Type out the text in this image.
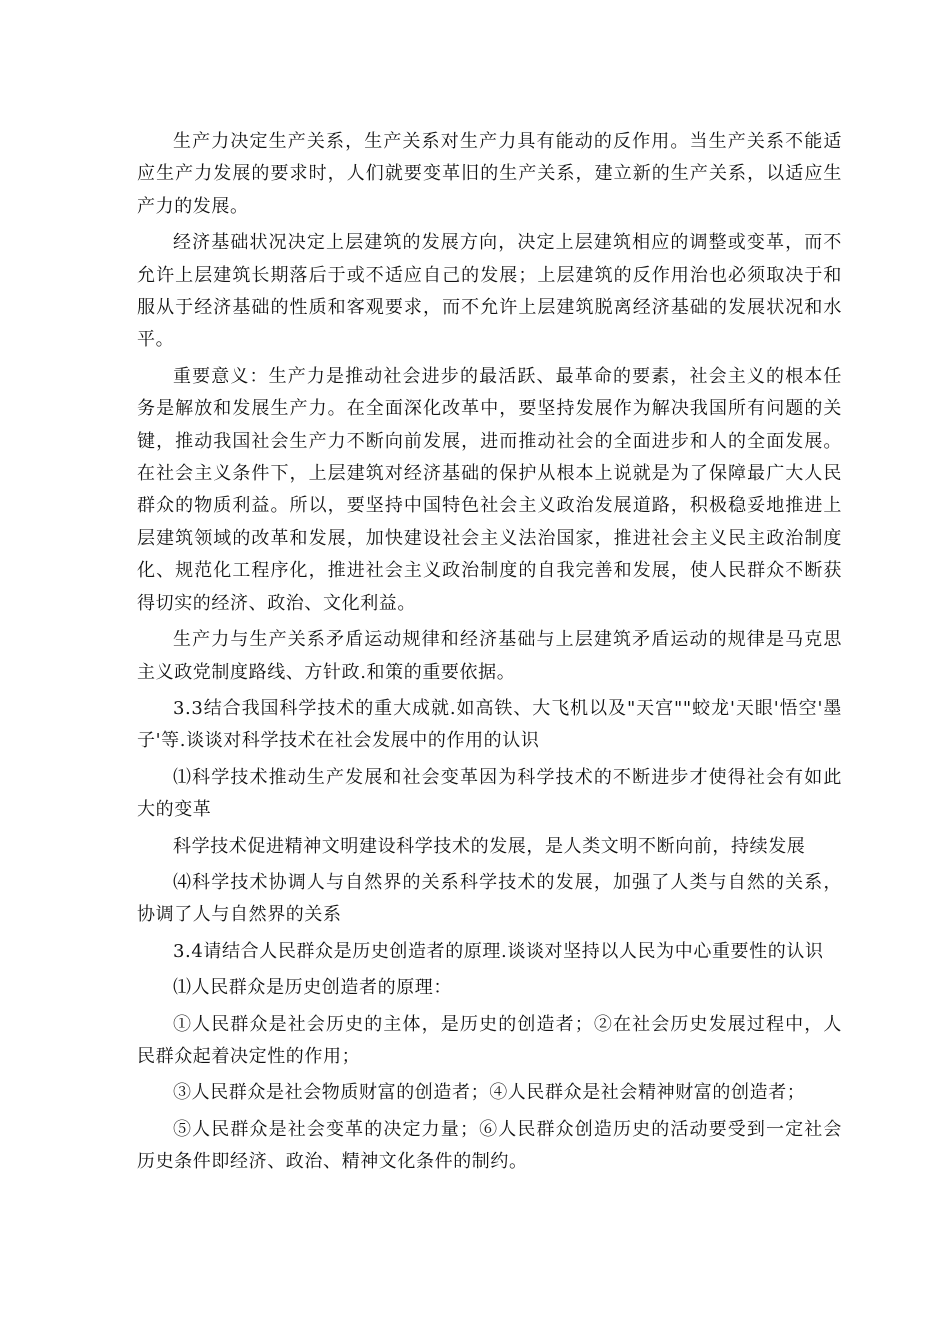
生产力决定生产关系，生产关系对生产力具有能动的反作用。当生产关系不能适应生产力发展的要求时，人们就要变革旧的生产关系，建立新的生产关系，以适应生产力的发展。

经济基础状况决定上层建筑的发展方向，决定上层建筑相应的调整或变革，而不允许上层建筑长期落后于或不适应自己的发展；上层建筑的反作用治也必须取决于和服从于经济基础的性质和客观要求，而不允许上层建筑脱离经济基础的发展状况和水平。

重要意义：生产力是推动社会进步的最活跃、最革命的要素，社会主义的根本任务是解放和发展生产力。在全面深化改革中，要坚持发展作为解决我国所有问题的关键，推动我国社会生产力不断向前发展，进而推动社会的全面进步和人的全面发展。在社会主义条件下，上层建筑对经济基础的保护从根本上说就是为了保障最广大人民群众的物质利益。所以，要坚持中国特色社会主义政治发展道路，积极稳妥地推进上层建筑领域的改革和发展，加快建设社会主义法治国家，推进社会主义民主政治制度化、规范化工程序化，推进社会主义政治制度的自我完善和发展，使人民群众不断获得切实的经济、政治、文化利益。

生产力与生产关系矛盾运动规律和经济基础与上层建筑矛盾运动的规律是马克思主义政党制度路线、方针政.和策的重要依据。

3.3结合我国科学技术的重大成就.如高铁、大飞机以及"天宫""蛟龙'天眼'悟空'墨子'等.谈谈对科学技术在社会发展中的作用的认识

⑴科学技术推动生产发展和社会变革因为科学技术的不断进步才使得社会有如此大的变革

科学技术促进精神文明建设科学技术的发展，是人类文明不断向前，持续发展

⑷科学技术协调人与自然界的关系科学技术的发展，加强了人类与自然的关系，协调了人与自然界的关系

3.4请结合人民群众是历史创造者的原理.谈谈对坚持以人民为中心重要性的认识

⑴人民群众是历史创造者的原理：

①人民群众是社会历史的主体，是历史的创造者；②在社会历史发展过程中，人民群众起着决定性的作用；

③人民群众是社会物质财富的创造者；④人民群众是社会精神财富的创造者；

⑤人民群众是社会变革的决定力量；⑥人民群众创造历史的活动要受到一定社会历史条件即经济、政治、精神文化条件的制约。
